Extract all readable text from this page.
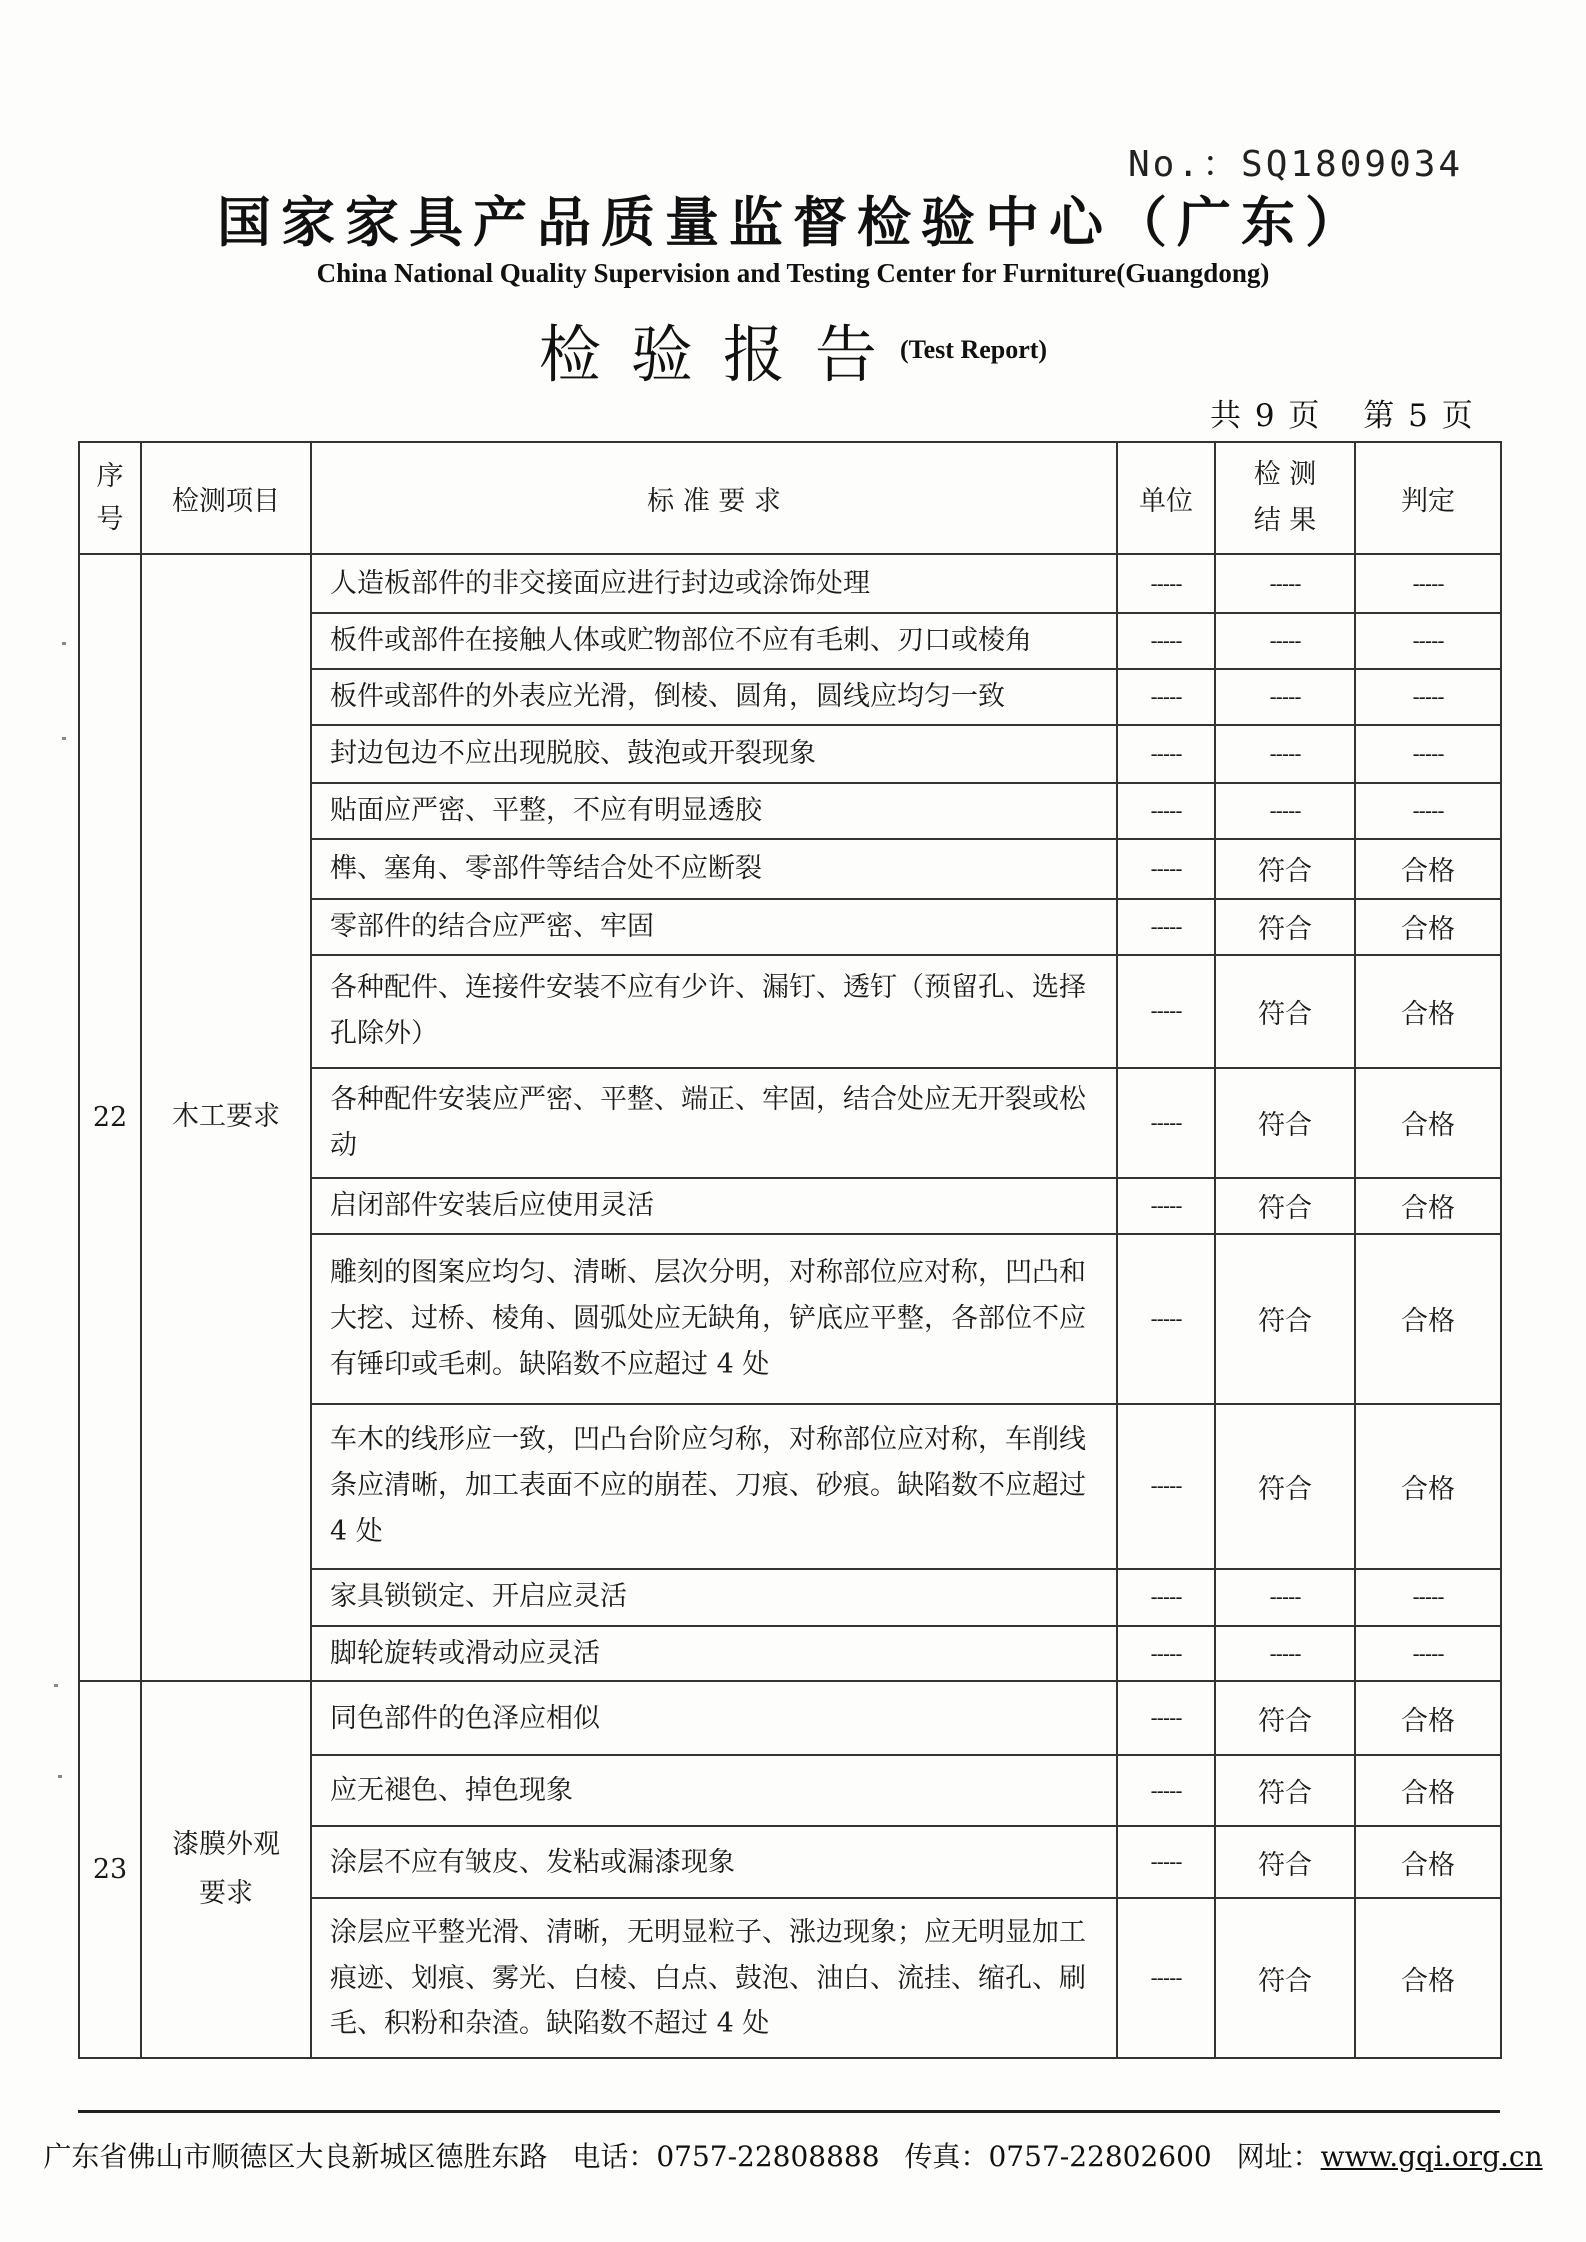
No.：SQ1809034
国家家具产品质量监督检验中心（广东）
China National Quality Supervision and Testing Center for Furniture(Guangdong)
检验报告 (Test Report)
共 9 页 第 5 页
序号	检测项目	标 准 要 求	单位	检 测结 果	判定
22	木工要求	人造板部件的非交接面应进行封边或涂饰处理	-----	-----	-----
		板件或部件在接触人体或贮物部位不应有毛刺、刃口或棱角	-----	-----	-----
		板件或部件的外表应光滑，倒棱、圆角，圆线应均匀一致	-----	-----	-----
		封边包边不应出现脱胶、鼓泡或开裂现象	-----	-----	-----
		贴面应严密、平整，不应有明显透胶	-----	-----	-----
		榫、塞角、零部件等结合处不应断裂	-----	符合	合格
		零部件的结合应严密、牢固	-----	符合	合格
		各种配件、连接件安装不应有少许、漏钉、透钉（预留孔、选择孔除外）	-----	符合	合格
		各种配件安装应严密、平整、端正、牢固，结合处应无开裂或松动	-----	符合	合格
		启闭部件安装后应使用灵活	-----	符合	合格
		雕刻的图案应均匀、清晰、层次分明，对称部位应对称，凹凸和大挖、过桥、棱角、圆弧处应无缺角，铲底应平整，各部位不应有锤印或毛刺。缺陷数不应超过 4 处	-----	符合	合格
		车木的线形应一致，凹凸台阶应匀称，对称部位应对称，车削线条应清晰，加工表面不应的崩茬、刀痕、砂痕。缺陷数不应超过 4 处	-----	符合	合格
		家具锁锁定、开启应灵活	-----	-----	-----
		脚轮旋转或滑动应灵活	-----	-----	-----
23	漆膜外观要求	同色部件的色泽应相似	-----	符合	合格
		应无褪色、掉色现象	-----	符合	合格
		涂层不应有皱皮、发粘或漏漆现象	-----	符合	合格
		涂层应平整光滑、清晰，无明显粒子、涨边现象；应无明显加工痕迹、划痕、雾光、白棱、白点、鼓泡、油白、流挂、缩孔、刷毛、积粉和杂渣。缺陷数不超过 4 处	-----	符合	合格
广东省佛山市顺德区大良新城区德胜东路 电话：0757-22808888 传真：0757-22802600 网址：www.gqi.org.cn
